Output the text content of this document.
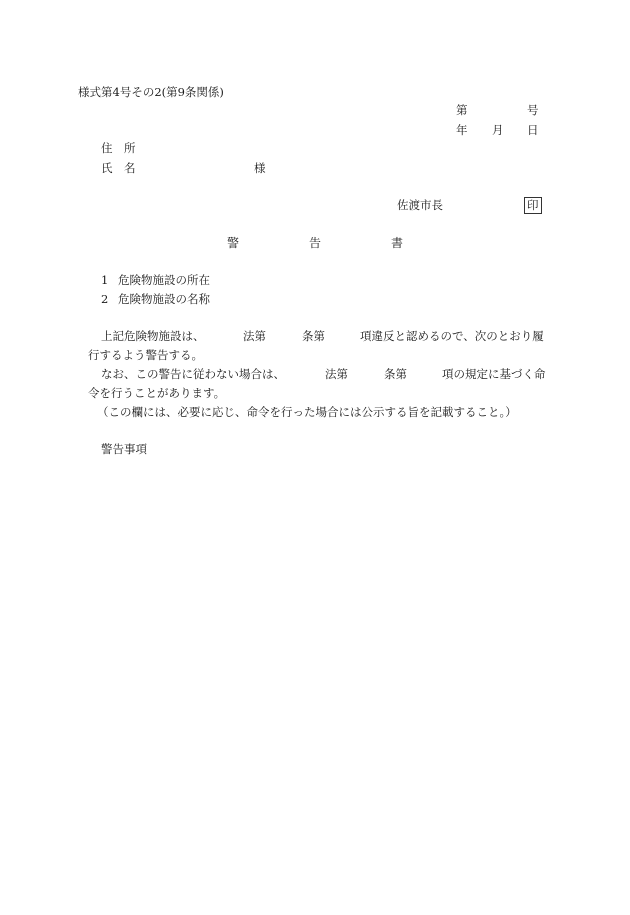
様式第4号その2(第9条関係)
第	号
年 月 日
住　所
氏　名	様
佐渡市長	印
警	告	書
1 危険物施設の所在
2 危険物施設の名称
上記危険物施設は、	法第	条第	項違反と認めるので、次のとおり履
行するよう警告する。
なお、この警告に従わない場合は、	法第	条第	項の規定に基づく命
令を行うことがあります。
（この欄には、必要に応じ、命令を行った場合には公示する旨を記載すること。）
警告事項
